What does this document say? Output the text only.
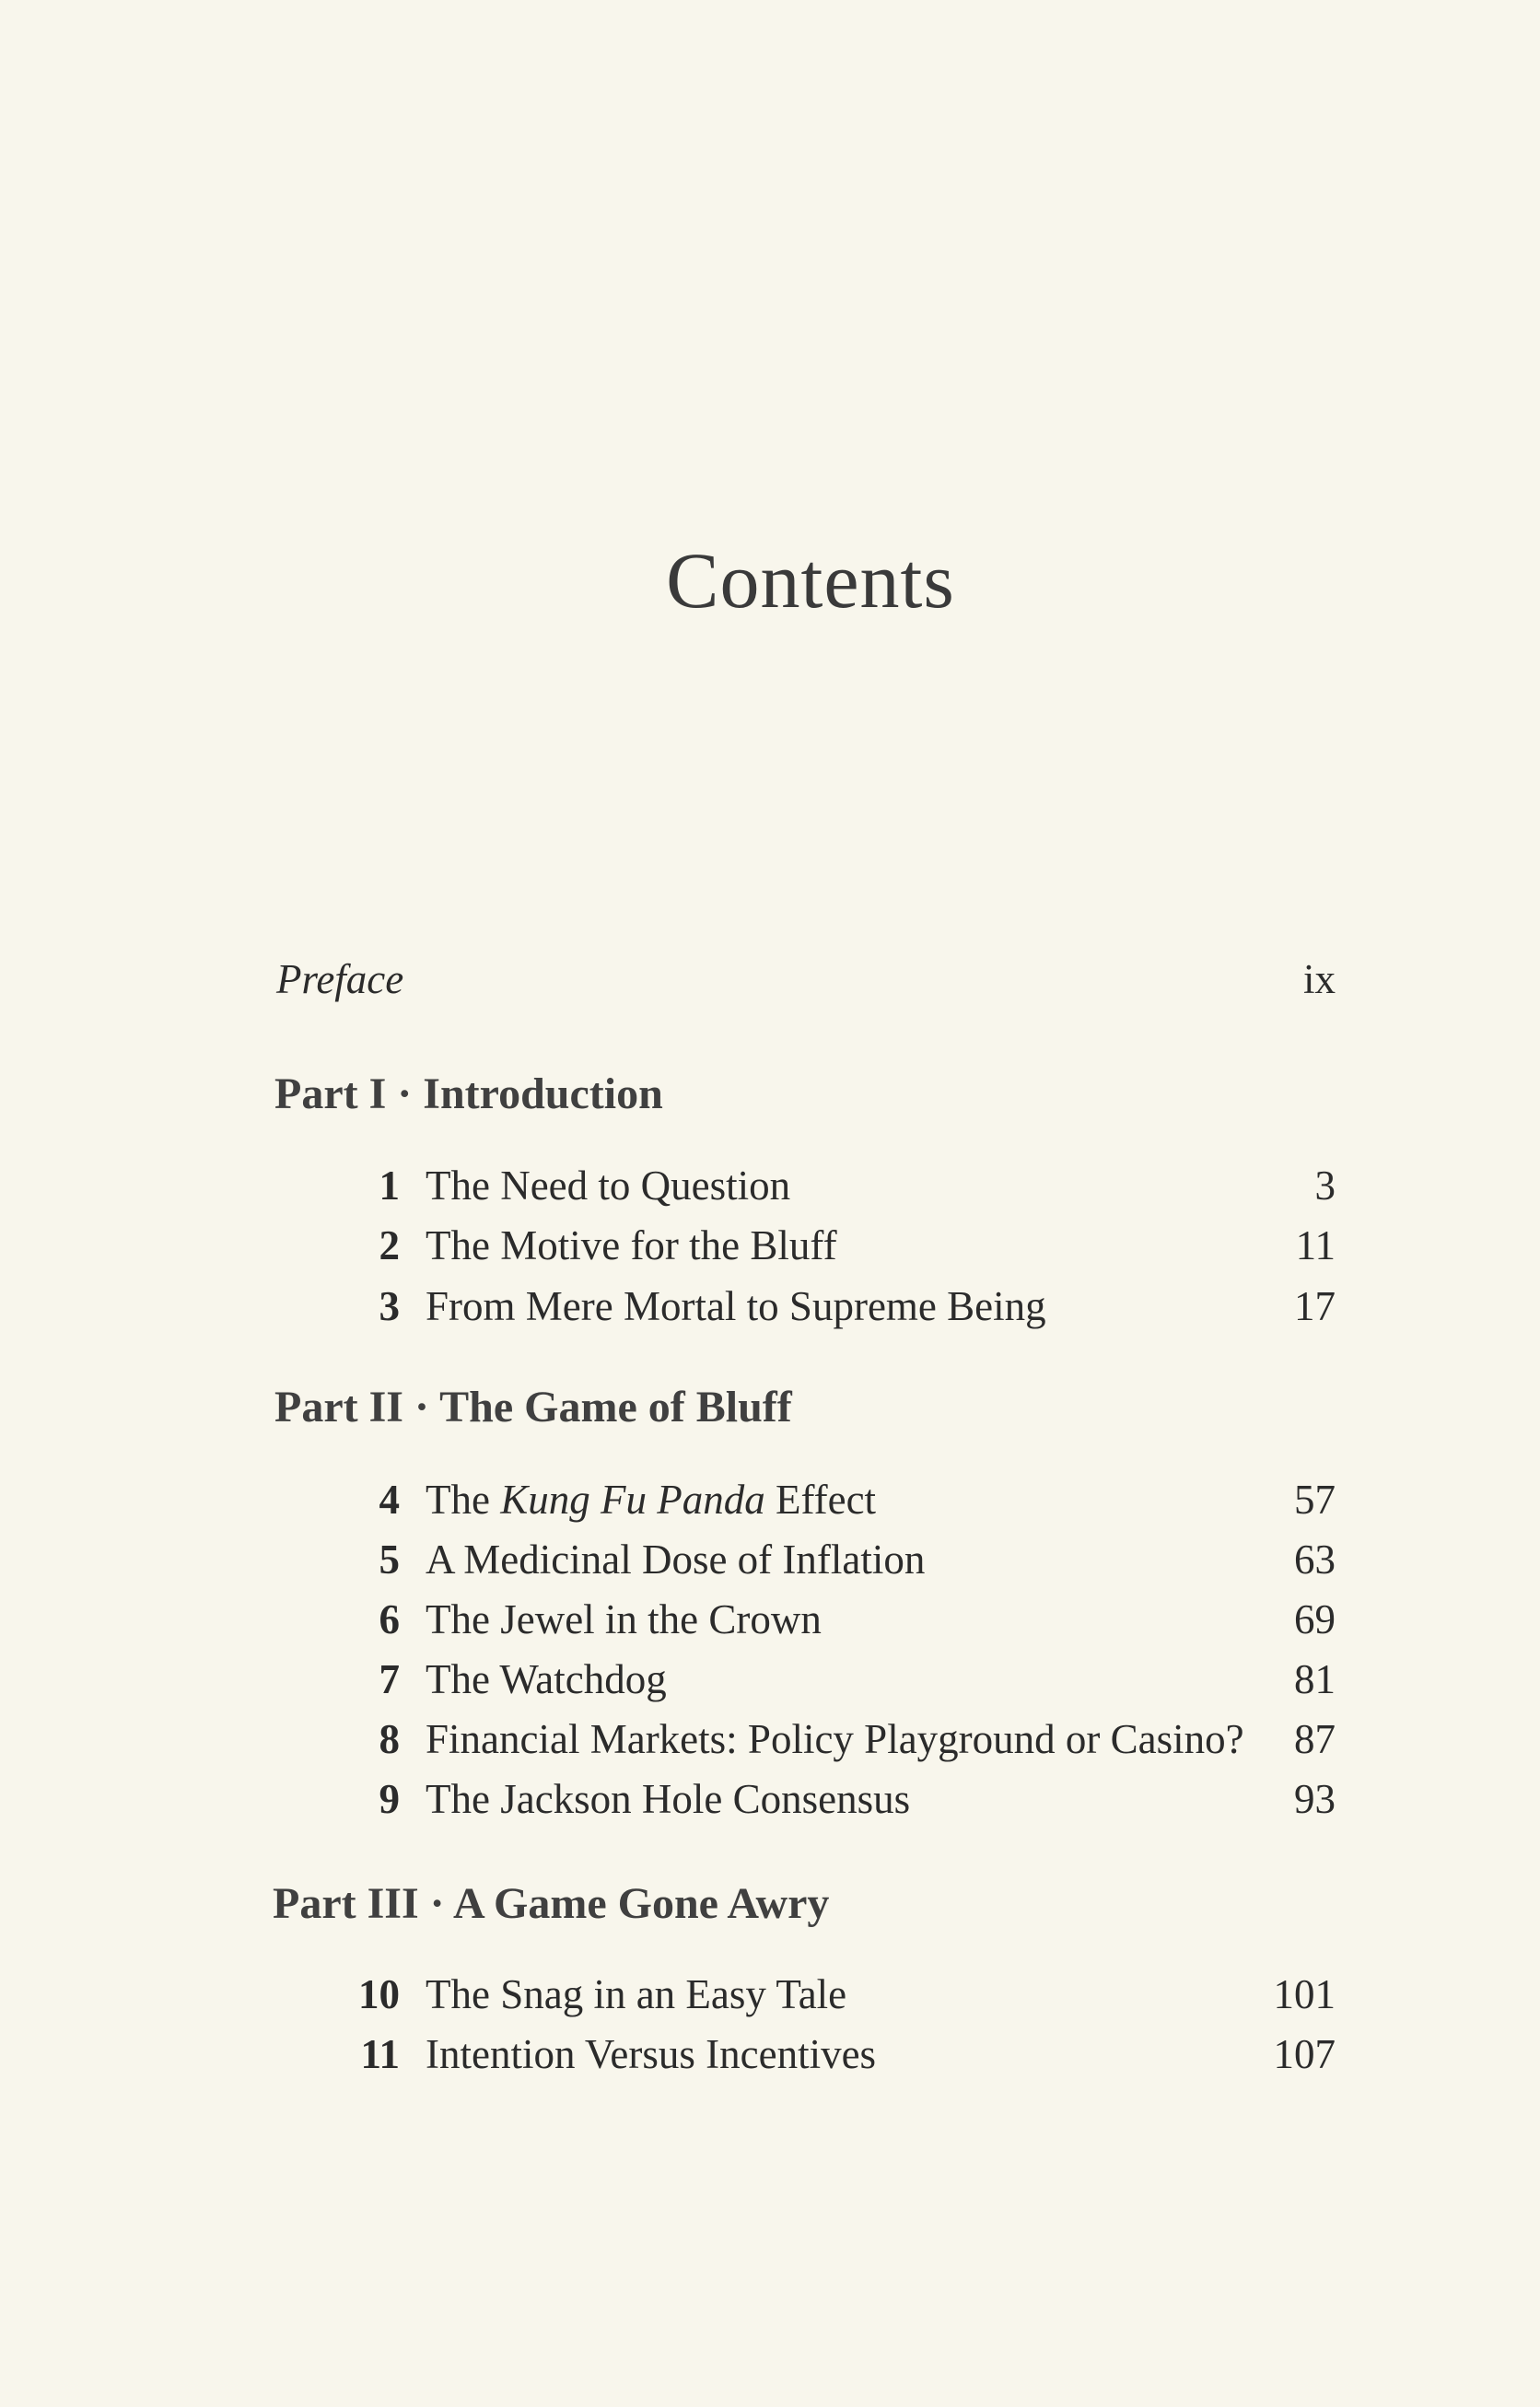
Contents
Preface	ix
Part I · Introduction
1 The Need to Question	3
2 The Motive for the Bluff	11
3 From Mere Mortal to Supreme Being	17
Part II · The Game of Bluff
4 The Kung Fu Panda Effect	57
5 A Medicinal Dose of Inflation	63
6 The Jewel in the Crown	69
7 The Watchdog	81
8 Financial Markets: Policy Playground or Casino? 87
9 The Jackson Hole Consensus	93
Part III · A Game Gone Awry
10 The Snag in an Easy Tale	101
11 Intention Versus Incentives	107
